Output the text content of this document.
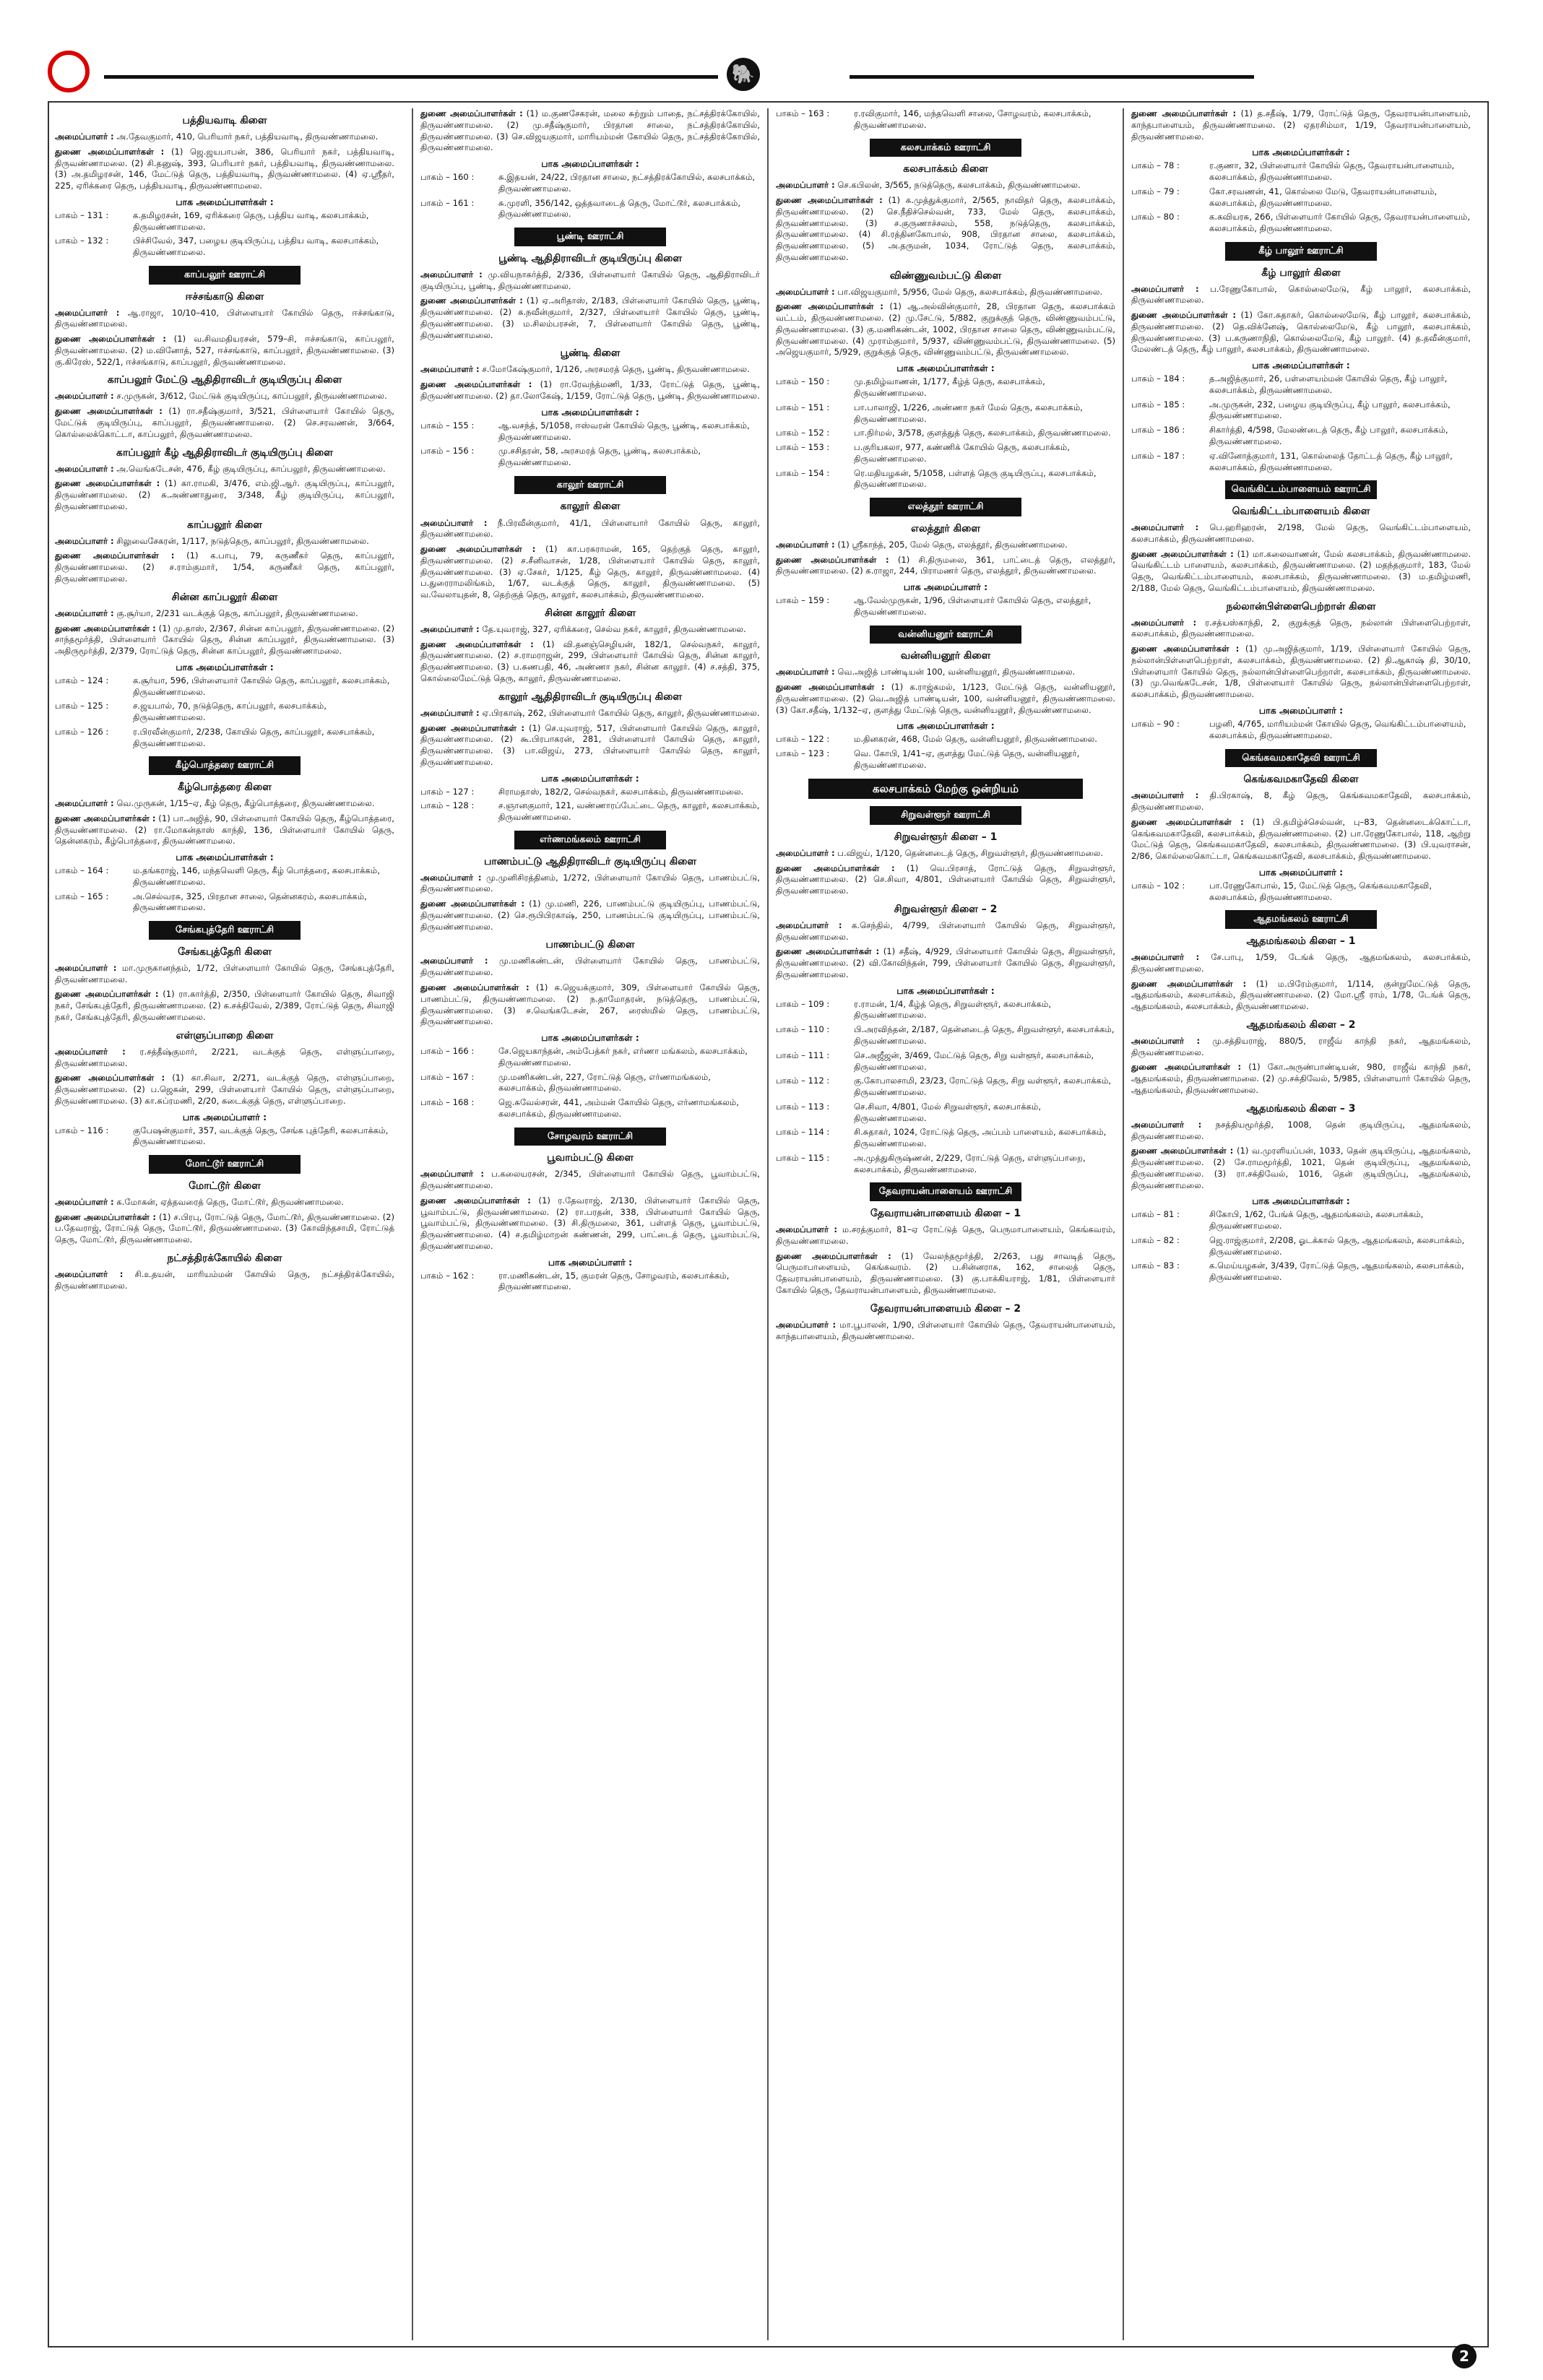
🐘
பத்தியவாடி கிளை
அமைப்பாளர் : அ.தேவகுமார், 410, பெரியார் நகர், பத்தியவாடி, திருவண்ணாமலை.
துணை அமைப்பாளர்கள் : (1) ஜெ.ஜயபாபன், 386, பெரியார் நகர், பத்தியவாடி, திருவண்ணாமலை. (2) சி.தனுஷ், 393, பெரியார் நகர், பத்தியவாடி, திருவண்ணாமலை. (3) அ.தமிழரசன், 146, மேட்டுத் தெரு, பத்தியவாடி, திருவண்ணாமலை. (4) ஏ.ஸ்ரீதர், 225, ஏரிக்கரை தெரு, பத்தியவாடி, திருவண்ணாமலை.
பாக அமைப்பாளர்கள் :
பாகம் – 131 :	க.தமிழரசன், 169, ஏரிக்கரை தெரு, பத்திய வாடி, கலசபாக்கம், திருவண்ணாமலை.
பாகம் – 132 :	பிச்சிவேல், 347, பழைய குடியிருப்பு, பத்திய வாடி, கலசபாக்கம், திருவண்ணாமலை.
காப்பலூர் ஊராட்சி
ஈச்சங்காடு கிளை
அமைப்பாளர் : ஆ.ராஜா, 10/10–410, பிள்ளையார் கோயில் தெரு, ஈச்சங்காடு, திருவண்ணாமலை.
துணை அமைப்பாளர்கள் : (1) வ.சிவமதியரசன், 579–சி, ஈச்சங்காடு, காப்பலூர், திருவண்ணாமலை. (2) ம.வினோத், 527, ஈச்சங்காடு, காப்பலூர், திருவண்ணாமலை. (3) கு.கிரேஸ், 522/1, ஈச்சங்காடு, காப்பலூர், திருவண்ணாமலை.
காப்பலூர் மேட்டு ஆதிதிராவிடர் குடியிருப்பு கிளை
அமைப்பாளர் : ச.முருகன், 3/612, மேட்டுக் குடியிருப்பு, காப்பலூர், திருவண்ணாமலை.
துணை அமைப்பாளர்கள் : (1) ரா.சதீஷ்குமார், 3/521, பிள்ளையார் கோயில் தெரு, மேட்டுக் குடியிருப்பு, காப்பலூர், திருவண்ணாமலை. (2) செ.சரவணன், 3/664, கொல்லைக்கொட்டா, காப்பலூர், திருவண்ணாமலை.
காப்பலூர் கீழ் ஆதிதிராவிடர் குடியிருப்பு கிளை
அமைப்பாளர் : அ.வெங்கடேசன், 476, கீழ் குடியிருப்பு, காப்பலூர், திருவண்ணாமலை.
துணை அமைப்பாளர்கள் : (1) கா.ராமகி, 3/476, எம்.ஜி.ஆர். குடியிருப்பு, காப்பலூர், திருவண்ணாமலை. (2) சு.அண்ணாதுரை, 3/348, கீழ் குடியிருப்பு, காப்பலூர், திருவண்ணாமலை.
காப்பலூர் கிளை
அமைப்பாளர் : சிலுவைசேகரன், 1/117, நடுத்தெரு, காப்பலூர், திருவண்ணாமலை.
துணை அமைப்பாளர்கள் : (1) க.பாபு, 79, கருணீகர் தெரு, காப்பலூர், திருவண்ணாமலை. (2) ச.ராம்குமார், 1/54, கருணீகர் தெரு, காப்பலூர், திருவண்ணாமலை.
சின்ன காப்பலூர் கிளை
அமைப்பாளர் : கு.சூர்யா, 2/231 வடக்குத் தெரு, காப்பலூர், திருவண்ணாமலை.
துணை அமைப்பாளர்கள் : (1) மு.தாஸ், 2/367, சின்ன காப்பலூர், திருவண்ணாமலை. (2) சாந்தமூர்த்தி, பிள்ளையார் கோயில் தெரு, சின்ன காப்பலூர், திருவண்ணாமலை. (3) அதிருமூர்த்தி, 2/379, ரோட்டுத் தெரு, சின்ன காப்பலூர், திருவண்ணாமலை.
பாக அமைப்பாளர்கள் :
பாகம் – 124 :	க.சூர்யா, 596, பிள்ளையார் கோயில் தெரு, காப்பலூர், கலசபாக்கம், திருவண்ணாமலை.
பாகம் – 125 :	ச.ஜயபால், 70, நடுத்தெரு, காப்பலூர், கலசபாக்கம், திருவண்ணாமலை.
பாகம் – 126 :	ர.பிரவீன்குமார், 2/238, கோயில் தெரு, காப்பலூர், கலசபாக்கம், திருவண்ணாமலை.
கீழ்பொத்தரை ஊராட்சி
கீழ்பொத்தரை கிளை
அமைப்பாளர் : வெ.முருகன், 1/15–ஏ, கீழ் தெரு, கீழ்பொத்தரை, திருவண்ணாமலை.
துணை அமைப்பாளர்கள் : (1) பா.அஜித், 90, பிள்ளையார் கோயில் தெரு, கீழ்பொத்தரை, திருவண்ணாமலை. (2) ரா.மோகன்தாஸ் காந்தி, 136, பிள்ளையார் கோயில் தெரு, தென்னகரம், கீழ்பொத்தரை, திருவண்ணாமலை.
பாக அமைப்பாளர்கள் :
பாகம் – 164 :	ம.தங்கராஜ், 146, மந்தவெளி தெரு, கீழ் பொத்தரை, கலசபாக்கம், திருவண்ணாமலை.
பாகம் – 165 :	அ.செல்வரசு, 325, பிரதான சாலை, தென்னகரம், கலசபாக்கம், திருவண்ணாமலை.
சேங்கபுத்தேரி ஊராட்சி
சேங்கபுத்தேரி கிளை
அமைப்பாளர் : மா.முருகானந்தம், 1/72, பிள்ளையார் கோயில் தெரு, சேங்கபுத்தேரி, திருவண்ணாமலை.
துணை அமைப்பாளர்கள் : (1) ரா.கார்த்தி, 2/350, பிள்ளையார் கோயில் தெரு, சிவாஜி நகர், சேங்கபுத்தேரி, திருவண்ணாமலை. (2) க.சக்திவேல், 2/389, ரோட்டுத் தெரு, சிவாஜி நகர், சேங்கபுத்தேரி, திருவண்ணாமலை.
எள்ளுப்பாறை கிளை
அமைப்பாளர் : ர.சத்தீஷ்குமார், 2/221, வடக்குத் தெரு, எள்ளுப்பாறை, திருவண்ணாமலை.
துணை அமைப்பாளர்கள் : (1) கா.சிவா, 2/271, வடக்குத் தெரு, எள்ளுப்பாறை, திருவண்ணாமலை. (2) ப.ஜெகன், 299, பிள்ளையார் கோயில் தெரு, எள்ளுப்பாறை, திருவண்ணாமலை. (3) கா.சுப்ரமணி, 2/20, கடைக்குத் தெரு, எள்ளுப்பாறை.
பாக அமைப்பாளர் :
பாகம் – 116 :	குபேஷன்குமார், 357, வடக்குத் தெரு, சேங்க புத்தேரி, கலசபாக்கம், திருவண்ணாமலை.
மோட்டூர் ஊராட்சி
மோட்டூர் கிளை
அமைப்பாளர் : க.மோகன், ஏத்தவரைத் தெரு, மோட்டூர், திருவண்ணாமலை.
துணை அமைப்பாளர்கள் : (1) ச.பிரபு, ரோட்டுத் தெரு, மோட்டூர், திருவண்ணாமலை. (2) ப.தேவராஜ், ரோட்டுத் தெரு, மோட்டூர், திருவண்ணாமலை. (3) கோவிந்தசாமி, ரோட்டுத் தெரு, மோட்டூர், திருவண்ணாமலை.
நட்சத்திரக்கோயில் கிளை
அமைப்பாளர் : சி.உதயன், மாரியம்மன் கோயில் தெரு, நட்சத்திரக்கோயில், திருவண்ணாமலை.
துணை அமைப்பாளர்கள் : (1) ம.குணசேகரன், மலை சுற்றும் பாதை, நட்சத்திரக்கோயில், திருவண்ணாமலை. (2) மு.சதீஷ்குமார், பிரதான சாலை, நட்சத்திரக்கோயில், திருவண்ணாமலை. (3) செ.விஜயகுமார், மாரியம்மன் கோயில் தெரு, நட்சத்திரக்கோயில், திருவண்ணாமலை.
பாக அமைப்பாளர்கள் :
பாகம் – 160 :	சு.இதயன், 24/22, பிரதான சாலை, நட்சத்திரக்கோயில், கலசபாக்கம், திருவண்ணாமலை.
பாகம் – 161 :	சு.முரளி, 356/142, ஒத்தவாடைத் தெரு, மோட்டூர், கலசபாக்கம், திருவண்ணாமலை.
பூண்டி ஊராட்சி
பூண்டி ஆதிதிராவிடர் குடியிருப்பு கிளை
அமைப்பாளர் : மு.வியநாகர்த்தி, 2/336, பிள்ளையார் கோயில் தெரு, ஆதிதிராவிடர் குடியிருப்பு, பூண்டி, திருவண்ணாமலை.
துணை அமைப்பாளர்கள் : (1) ஏ.அரிதாஸ், 2/183, பிள்ளையார் கோயில் தெரு, பூண்டி, திருவண்ணாமலை. (2) க.நவீன்குமார், 2/327, பிள்ளையார் கோயில் தெரு, பூண்டி, திருவண்ணாமலை. (3) ம.சிலம்பரசன், 7, பிள்ளையார் கோயில் தெரு, பூண்டி, திருவண்ணாமலை.
பூண்டி கிளை
அமைப்பாளர் : ச.மோகேஷ்குமார், 1/126, அரசமரத் தெரு, பூண்டி, திருவண்ணாமலை.
துணை அமைப்பாளர்கள் : (1) ரா.ரேவந்த்மணி, 1/33, ரோட்டுத் தெரு, பூண்டி, திருவண்ணாமலை. (2) தா.லோகேஷ், 1/159, ரோட்டுத் தெரு, பூண்டி, திருவண்ணாமலை.
பாக அமைப்பாளர்கள் :
பாகம் – 155 :	ஆ.வசந்த், 5/1058, ஈஸ்வரன் கோயில் தெரு, பூண்டி, கலசபாக்கம், திருவண்ணாமலை.
பாகம் – 156 :	மு.சசிதரன், 58, அரசமரத் தெரு, பூண்டி, கலசபாக்கம், திருவண்ணாமலை.
காலூர் ஊராட்சி
காலூர் கிளை
அமைப்பாளர் : நீ.பிரவீன்குமார், 41/1, பிள்ளையார் கோயில் தெரு, காலூர், திருவண்ணாமலை.
துணை அமைப்பாளர்கள் : (1) கா.பரசுராமன், 165, தெற்குத் தெரு, காலூர், திருவண்ணாமலை. (2) ச.சீனிவாசன், 1/28, பிள்ளையார் கோயில் தெரு, காலூர், திருவண்ணாமலை. (3) ஏ.சேகர், 1/125, கீழ் தெரு, காலூர், திருவண்ணாமலை. (4) ப.துரைராமலிங்கம், 1/67, வடக்குத் தெரு, காலூர், திருவண்ணாமலை. (5) வ.வேலாயுதன், 8, தெற்குத் தெரு, காலூர், கலசபாக்கம், திருவண்ணாமலை.
சின்ன காலூர் கிளை
அமைப்பாளர் : தே.யுவராஜ், 327, ஏரிக்கரை, செல்வ நகர், காலூர், திருவண்ணாமலை.
துணை அமைப்பாளர்கள் : (1) வி.தனஞ்செழியன், 182/1, செல்வநகர், காலூர், திருவண்ணாமலை. (2) ச.ராமராஜன், 299, பிள்ளையார் கோயில் தெரு, சின்ன காலூர், திருவண்ணாமலை. (3) ப.கணபதி, 46, அண்ணா நகர், சின்ன காலூர். (4) ச.சத்தி, 375, கொல்லைமேட்டுத் தெரு, காலூர், திருவண்ணாமலை.
காலூர் ஆதிதிராவிடர் குடியிருப்பு கிளை
அமைப்பாளர் : ஏ.பிரகாஷ், 262, பிள்ளையார் கோயில் தெரு, காலூர், திருவண்ணாமலை.
துணை அமைப்பாளர்கள் : (1) செ.யுவராஜ், 517, பிள்ளையார் கோயில் தெரு, காலூர், திருவண்ணாமலை. (2) கூ.பிரபாகரன், 281, பிள்ளையார் கோயில் தெரு, காலூர், திருவண்ணாமலை. (3) பா.விஜய், 273, பிள்ளையார் கோயில் தெரு, காலூர், திருவண்ணாமலை.
பாக அமைப்பாளர்கள் :
பாகம் – 127 :	சிராமதாஸ், 182/2, செல்வநகர், கலசபாக்கம், திருவண்ணாமலை.
பாகம் – 128 :	ச.ஞானகுமார், 121, வண்ணாரப்பேட்டை தெரு, காலூர், கலசபாக்கம், திருவண்ணாமலை.
எர்ணமங்கலம் ஊராட்சி
பாணம்பட்டு ஆதிதிராவிடர் குடியிருப்பு கிளை
அமைப்பாளர் : மு.முனிசிரத்தினம், 1/272, பிள்ளையார் கோயில் தெரு, பாணம்பட்டு, திருவண்ணாமலை.
துணை அமைப்பாளர்கள் : (1) மு.மணி, 226, பாணம்பட்டு குடியிருப்பு, பாணம்பட்டு, திருவண்ணாமலை. (2) செ.ரூபிபிரகாஷ், 250, பாணம்பட்டு குடியிருப்பு, பாணம்பட்டு, திருவண்ணாமலை.
பாணம்பட்டு கிளை
அமைப்பாளர் : மு.மணிகண்டன், பிள்ளையார் கோயில் தெரு, பாணம்பட்டு, திருவண்ணாமலை.
துணை அமைப்பாளர்கள் : (1) க.ஜெயக்குமார், 309, பிள்ளையார் கோயில் தெரு, பாணம்பட்டு, திருவண்ணாமலை. (2) ந.தாமோதரன், நடுத்தெரு, பாணம்பட்டு, திருவண்ணாமலை. (3) ச.வெங்கடேசன், 267, ரைஸ்மில் தெரு, பாணம்பட்டு, திருவண்ணாமலை.
பாக அமைப்பாளர்கள் :
பாகம் – 166 :	சே.ஜெயகாந்தன், அம்பேத்கர் நகர், எர்ணா மங்கலம், கலசபாக்கம், திருவண்ணாமலை.
பாகம் – 167 :	மு.மணிகண்டன், 227, ரோட்டுத் தெரு, எர்ணாமங்கலம், கலசபாக்கம், திருவண்ணாமலை.
பாகம் – 168 :	ஜெ.சுவேல்சரன், 441, அம்மன் கோயில் தெரு, எர்ணாமங்கலம், கலசபாக்கம், திருவண்ணாமலை.
சோழவரம் ஊராட்சி
பூவாம்பட்டு கிளை
அமைப்பாளர் : ப.கலையரசன், 2/345, பிள்ளையார் கோயில் தெரு, பூவாம்பட்டு, திருவண்ணாமலை.
துணை அமைப்பாளர்கள் : (1) ர.தேவராஜ், 2/130, பிள்ளையார் கோயில் தெரு, பூவாம்பட்டு, திருவண்ணாமலை. (2) ரா.பரதன், 338, பிள்ளையார் கோயில் தெரு, பூவாம்பட்டு, திருவண்ணாமலை. (3) சி.திருமலை, 361, பள்ளத் தெரு, பூவாம்பட்டு, திருவண்ணாமலை. (4) ச.தமிழ்மாறன் கண்ணன், 299, பாட்டைத் தெரு, பூவாம்பட்டு, திருவண்ணாமலை.
பாக அமைப்பாளர் :
பாகம் – 162 :	ரா.மணிகண்டன், 15, குமரன் தெரு, சோழவரம், கலசபாக்கம், திருவண்ணாமலை.
பாகம் – 163 :	ர.ரவிகுமார், 146, மந்தவெளி சாலை, சோழவரம், கலசபாக்கம், திருவண்ணாமலை.
கலசபாக்கம் ஊராட்சி
கலசபாக்கம் கிளை
அமைப்பாளர் : செ.கபிலன், 3/565, நடுத்தெரு, கலசபாக்கம், திருவண்ணாமலை.
துணை அமைப்பாளர்கள் : (1) க.முத்துக்குமார், 2/565, நாவிதர் தெரு, கலசபாக்கம், திருவண்ணாமலை. (2) செ.நீதிச்செல்வன், 733, மேல் தெரு, கலசபாக்கம், திருவண்ணாமலை. (3) ச.குருணாச்சலம், 558, நடுத்தெரு, கலசபாக்கம், திருவண்ணாமலை. (4) சி.ரத்தினகோபால், 908, பிரதான சாலை, கலசபாக்கம், திருவண்ணாமலை. (5) அ.தருமன், 1034, ரோட்டுத் தெரு, கலசபாக்கம், திருவண்ணாமலை.
விண்ணுவம்பட்டு கிளை
அமைப்பாளர் : பா.விஜயகுமார், 5/956, மேல் தெரு, கலசபாக்கம், திருவண்ணாமலை.
துணை அமைப்பாளர்கள் : (1) ஆ.அல்வின்குமார், 28, பிரதான தெரு, கலசபாக்கம் வட்டம், திருவண்ணாமலை. (2) மு.சேட்டு, 5/882, குறுக்குத் தெரு, விண்ணுவம்பட்டு, திருவண்ணாமலை. (3) கு.மணிகண்டன், 1002, பிரதான சாலை தெரு, விண்ணுவம்பட்டு, திருவண்ணாமலை. (4) முராம்குமார், 5/937, விண்ணுவம்பட்டு, திருவண்ணாமலை. (5) அஜெயகுமார், 5/929, குறுக்குத் தெரு, விண்ணுவம்பட்டு, திருவண்ணாமலை.
பாக அமைப்பாளர்கள் :
பாகம் – 150 :	மு.தமிழ்வாணன், 1/177, கீழ்த் தெரு, கலசபாக்கம், திருவண்ணாமலை.
பாகம் – 151 :	பா.பாலாஜி, 1/226, அண்ணா நகர் மேல் தெரு, கலசபாக்கம், திருவண்ணாமலை.
பாகம் – 152 :	பா.நிர்மல், 3/578, குளத்துத் தெரு, கலசபாக்கம், திருவண்ணாமலை.
பாகம் – 153 :	ப.குரியகலா, 977, கண்ணிக் கோயில் தெரு, கலசபாக்கம், திருவண்ணாமலை.
பாகம் – 154 :	ரெ.மதியழகன், 5/1058, பள்ளத் தெரு குடியிருப்பு, கலசபாக்கம், திருவண்ணாமலை.
எலத்தூர் ஊராட்சி
எலத்தூர் கிளை
அமைப்பாளர் : (1) ஸ்ரீகாந்த், 205, மேல் தெரு, எலத்தூர், திருவண்ணாமலை.
துணை அமைப்பாளர்கள் : (1) சி.திருமலை, 361, பாட்டைத் தெரு, எலத்தூர், திருவண்ணாமலை. (2) க.ராஜா, 244, பிராமணர் தெரு, எலத்தூர், திருவண்ணாமலை.
பாக அமைப்பாளர் :
பாகம் – 159 :	ஆ.வேல்முருகன், 1/96, பிள்ளையார் கோயில் தெரு, எலத்தூர், திருவண்ணாமலை.
வன்னியனூர் ஊராட்சி
வன்னியனூர் கிளை
அமைப்பாளர் : வெ.அஜித் பாண்டியன் 100, வன்னியனூர், திருவண்ணாமலை.
துணை அமைப்பாளர்கள் : (1) க.ராஜ்கமல், 1/123, மேட்டுத் தெரு, வன்னியனூர், திருவண்ணாமலை. (2) வெ.அஜித் பாண்டியன், 100, வன்னியனூர், திருவண்ணாமலை. (3) கோ.சதீஷ், 1/132–ஏ, குளத்து மேட்டுத் தெரு, வன்னியனூர், திருவண்ணாமலை.
பாக அமைப்பாளர்கள் :
பாகம் – 122 :	ம.தினகரன், 468, மேல் தெரு, வன்னியனூர், திருவண்ணாமலை.
பாகம் – 123 :	வெ. கோபி, 1/41–ஏ, குளத்து மேட்டுத் தெரு, வன்னியனூர், திருவண்ணாமலை.
கலசபாக்கம் மேற்கு ஒன்றியம்
சிறுவள்ளூர் ஊராட்சி
சிறுவள்ளூர் கிளை – 1
அமைப்பாளர் : ப.விஜய், 1/120, தென்னடைத் தெரு, சிறுவள்ளூர், திருவண்ணாமலை.
துணை அமைப்பாளர்கள் : (1) வெ.பிரசாத், ரோட்டுத் தெரு, சிறுவள்ளூர், திருவண்ணாமலை. (2) செ.சிவா, 4/801, பிள்ளையார் கோயில் தெரு, சிறுவள்ளூர், திருவண்ணாமலை.
சிறுவள்ளூர் கிளை – 2
அமைப்பாளர் : க.செந்தில், 4/799, பிள்ளையார் கோயில் தெரு, சிறுவள்ளூர், திருவண்ணாமலை.
துணை அமைப்பாளர்கள் : (1) சதீஷ், 4/929, பிள்ளையார் கோயில் தெரு, சிறுவள்ளூர், திருவண்ணாமலை. (2) வி.கோவிந்தன், 799, பிள்ளையார் கோயில் தெரு, சிறுவள்ளூர், திருவண்ணாமலை.
பாக அமைப்பாளர்கள் :
பாகம் – 109 :	ர.ராமன், 1/4, கீழ்த் தெரு, சிறுவள்ளூர், கலசபாக்கம், திருவண்ணாமலை.
பாகம் – 110 :	பி.அரவிந்தன், 2/187, தென்னடைத் தெரு, சிறுவள்ளூர், கலசபாக்கம், திருவண்ணாமலை.
பாகம் – 111 :	செ.அஜீஜன், 3/469, மேட்டுத் தெரு, சிறு வள்ளூர், கலசபாக்கம், திருவண்ணாமலை.
பாகம் – 112 :	கு.கோபாலசாமி, 23/23, ரோட்டுத் தெரு, சிறு வள்ளூர், கலசபாக்கம், திருவண்ணாமலை.
பாகம் – 113 :	செ.சிவா, 4/801, மேல் சிறுவள்ளூர், கலசபாக்கம், திருவண்ணாமலை.
பாகம் – 114 :	சி.சுதாகர், 1024, ரோட்டுத் தெரு, அப்பம் பாளையம், கலசபாக்கம், திருவண்ணாமலை.
பாகம் – 115 :	அ.முத்துகிருஷ்ணன், 2/229, ரோட்டுத் தெரு, எள்ளுப்பாறை, கலசபாக்கம், திருவண்ணாமலை.
தேவராயன்பாளையம் ஊராட்சி
தேவராயன்பாளையம் கிளை – 1
அமைப்பாளர் : ம.சரத்குமார், 81–ஏ ரோட்டுத் தெரு, பெருமாபாளையம், கெங்கவரம், திருவண்ணாமலை.
துணை அமைப்பாளர்கள் : (1) வேலந்தமூர்த்தி, 2/263, பது சாவடித் தெரு, பெருமாபாளையம், கெங்கவரம். (2) ப.சின்னராசு, 162, சாலைத் தெரு, தேவராயன்பாளையம், திருவண்ணாமலை. (3) கு.பாக்கியராஜ், 1/81, பிள்ளையார் கோயில் தெரு, தேவராயன்பாளையம், திருவண்ணாமலை.
தேவராயன்பாளையம் கிளை – 2
அமைப்பாளர் : மா.பூபாலன், 1/90, பிள்ளையார் கோயில் தெரு, தேவராயன்பாளையம், காந்தபாளையம், திருவண்ணாமலை.
துணை அமைப்பாளர்கள் : (1) த.சதீஷ், 1/79, ரோட்டுத் தெரு, தேவராயன்பாளையம், காந்தபாளையம், திருவண்ணாமலை. (2) ஏதரசிம்மா, 1/19, தேவராயன்பாளையம், திருவண்ணாமலை.
பாக அமைப்பாளர்கள் :
பாகம் – 78 :	ர.குணா, 32, பிள்ளையார் கோயில் தெரு, தேவராயன்பாளையம், கலசபாக்கம், திருவண்ணாமலை.
பாகம் – 79 :	கோ.சரவணன், 41, கொல்லை மேடு, தேவராயன்பாளையம், கலசபாக்கம், திருவண்ணாமலை.
பாகம் – 80 :	க.கவியரசு, 266, பிள்ளையார் கோயில் தெரு, தேவராயன்பாளையம், கலசபாக்கம், திருவண்ணாமலை.
கீழ் பாலூர் ஊராட்சி
கீழ் பாலூர் கிளை
அமைப்பாளர் : ப.ரேணுகோபால், கொல்லைமேடு, கீழ் பாலூர், கலசபாக்கம், திருவண்ணாமலை.
துணை அமைப்பாளர்கள் : (1) கோ.சுதாகர், கொல்லைமேடு, கீழ் பாலூர், கலசபாக்கம், திருவண்ணாமலை. (2) தெ.விக்னேஷ், கொல்லைமேடு, கீழ் பாலூர், கலசபாக்கம், திருவண்ணாமலை. (3) ப.கருணாநிதி, கொல்லைமேடு, கீழ் பாலூர். (4) த.தவீன்குமார், மேலண்டத் தெரு, கீழ் பாலூர், கலசபாக்கம், திருவண்ணாமலை.
பாக அமைப்பாளர்கள் :
பாகம் – 184 :	த.அஜித்குமார், 26, பள்ளையம்மன் கோயில் தெரு, கீழ் பாலூர், கலசபாக்கம், திருவண்ணாமலை.
பாகம் – 185 :	அ.முருகன், 232, பழைய குடியிருப்பு, கீழ் பாலூர், கலசபாக்கம், திருவண்ணாமலை.
பாகம் – 186 :	சிகார்த்தி, 4/598, மேலண்டைத் தெரு, கீழ் பாலூர், கலசபாக்கம், திருவண்ணாமலை.
பாகம் – 187 :	ஏ.வினோத்குமார், 131, கொல்லைத் தோட்டத் தெரு, கீழ் பாலூர், கலசபாக்கம், திருவண்ணாமலை.
வெங்கிட்டம்பாளையம் ஊராட்சி
வெங்கிட்டம்பாளையம் கிளை
அமைப்பாளர் : பெ.ஹரிஹரன், 2/198, மேல் தெரு, வெங்கிட்டம்பாளையம், கலசபாக்கம், திருவண்ணாமலை.
துணை அமைப்பாளர்கள் : (1) மா.கலைவாணன், மேல் கலசபாக்கம், திருவண்ணாமலை. வெங்கிட்டம் பாளையம், கலசபாக்கம், திருவண்ணாமலை. (2) மதந்தகுமார், 183, மேல் தெரு, வெங்கிட்டம்பாளையம், கலசபாக்கம், திருவண்ணாமலை. (3) ம.தமிழ்மணி, 2/188, மேல் தெரு, வெங்கிட்டம்பாளையம், திருவண்ணாமலை.
நல்லான்பிள்ளைபெற்றாள் கிளை
அமைப்பாளர் : ர.சத்யஸ்காந்தி, 2, குறுக்குத் தெரு, நல்லான் பிள்ளைபெற்றாள், கலசபாக்கம், திருவண்ணாமலை.
துணை அமைப்பாளர்கள் : (1) மு.அஜித்குமார், 1/19, பிள்ளையார் கோயில் தெரு, நல்லான்பிள்ளைபெற்றாள், கலசபாக்கம், திருவண்ணாமலை. (2) தி.ஆகாஷ் தி, 30/10, பிள்ளையார் கோயில் தெரு, நல்லான்பிள்ளைபெற்றாள், கலசபாக்கம், திருவண்ணாமலை. (3) மு.வெங்கடேசன், 1/8, பிள்ளையார் கோயில் தெரு, நல்லான்பிள்ளைபெற்றாள், கலசபாக்கம், திருவண்ணாமலை.
பாக அமைப்பாளர் :
பாகம் – 90 :	பழனி, 4/765, மாரியம்மன் கோயில் தெரு, வெங்கிட்டம்பாளையம், கலசபாக்கம், திருவண்ணாமலை.
கெங்கவமகாதேவி ஊராட்சி
கெங்கவமகாதேவி கிளை
அமைப்பாளர் : தி.பிரகாஷ், 8, கீழ் தெரு, கெங்கவமகாதேவி, கலசபாக்கம், திருவண்ணாமலை.
துணை அமைப்பாளர்கள் : (1) பி.தமிழ்ச்செல்வன், பு–83, தென்னடைக்கொட்டா, கெங்கவமகாதேவி, கலசபாக்கம், திருவண்ணாமலை. (2) பா.ரேணுகோபால், 118, ஆற்று மேட்டுத் தெரு, கெங்கவமகாதேவி, கலசபாக்கம், திருவண்ணாமலை. (3) பி.யுவராசன், 2/86, கொல்லைகொட்டா, கெங்கவமகாதேவி, கலசபாக்கம், திருவண்ணாமலை.
பாக அமைப்பாளர் :
பாகம் – 102 :	பா.ரேணுகோபால், 15, மேட்டுத் தெரு, கெங்கவமகாதேவி, கலசபாக்கம், திருவண்ணாமலை.
ஆதமங்கலம் ஊராட்சி
ஆதமங்கலம் கிளை – 1
அமைப்பாளர் : சே.பாபு, 1/59, டேங்க் தெரு, ஆதமங்கலம், கலசபாக்கம், திருவண்ணாமலை.
துணை அமைப்பாளர்கள் : (1) ம.பிரேம்குமார், 1/114, குன்றுமேட்டுத் தெரு, ஆதமங்கலம், கலசபாக்கம், திருவண்ணாமலை. (2) மோ.ஸ்ரீ ராம், 1/78, டேங்க் தெரு, ஆதமங்கலம், கலசபாக்கம், திருவண்ணாமலை.
ஆதமங்கலம் கிளை – 2
அமைப்பாளர் : மு.சத்தியராஜ், 880/5, ராஜீவ் காந்தி நகர், ஆதமங்கலம், திருவண்ணாமலை.
துணை அமைப்பாளர்கள் : (1) கோ.அருண்பாண்டியன், 980, ராஜீவ் காந்தி நகர், ஆதமங்கலம், திருவண்ணாமலை. (2) மு.சக்திவேல், 5/985, பிள்ளையார் கோயில் தெரு, ஆதமங்கலம், திருவண்ணாமலை.
ஆதமங்கலம் கிளை – 3
அமைப்பாளர் : நசத்தியமூர்த்தி, 1008, தென் குடியிருப்பு, ஆதமங்கலம், திருவண்ணாமலை.
துணை அமைப்பாளர்கள் : (1) வ.முரளியப்பன், 1033, தென் குடியிருப்பு, ஆதமங்கலம், திருவண்ணாமலை. (2) சே.ராமமூர்த்தி, 1021, தென் குடியிருப்பு, ஆதமங்கலம், திருவண்ணாமலை. (3) ரா.சக்திவேல், 1016, தென் குடியிருப்பு, ஆதமங்கலம், திருவண்ணாமலை.
பாக அமைப்பாளர்கள் :
பாகம் – 81 :	சிகோபி, 1/62, பேங்க் தெரு, ஆதமங்கலம், கலசபாக்கம், திருவண்ணாமலை.
பாகம் – 82 :	ஜெ.ராஜ்குமார், 2/208, ஓடக்கால் தெரு, ஆதமங்கலம், கலசபாக்கம், திருவண்ணாமலை.
பாகம் – 83 :	க.மெய்யழகன், 3/439, ரோட்டுத் தெரு, ஆதமங்கலம், கலசபாக்கம், திருவண்ணாமலை.
2
